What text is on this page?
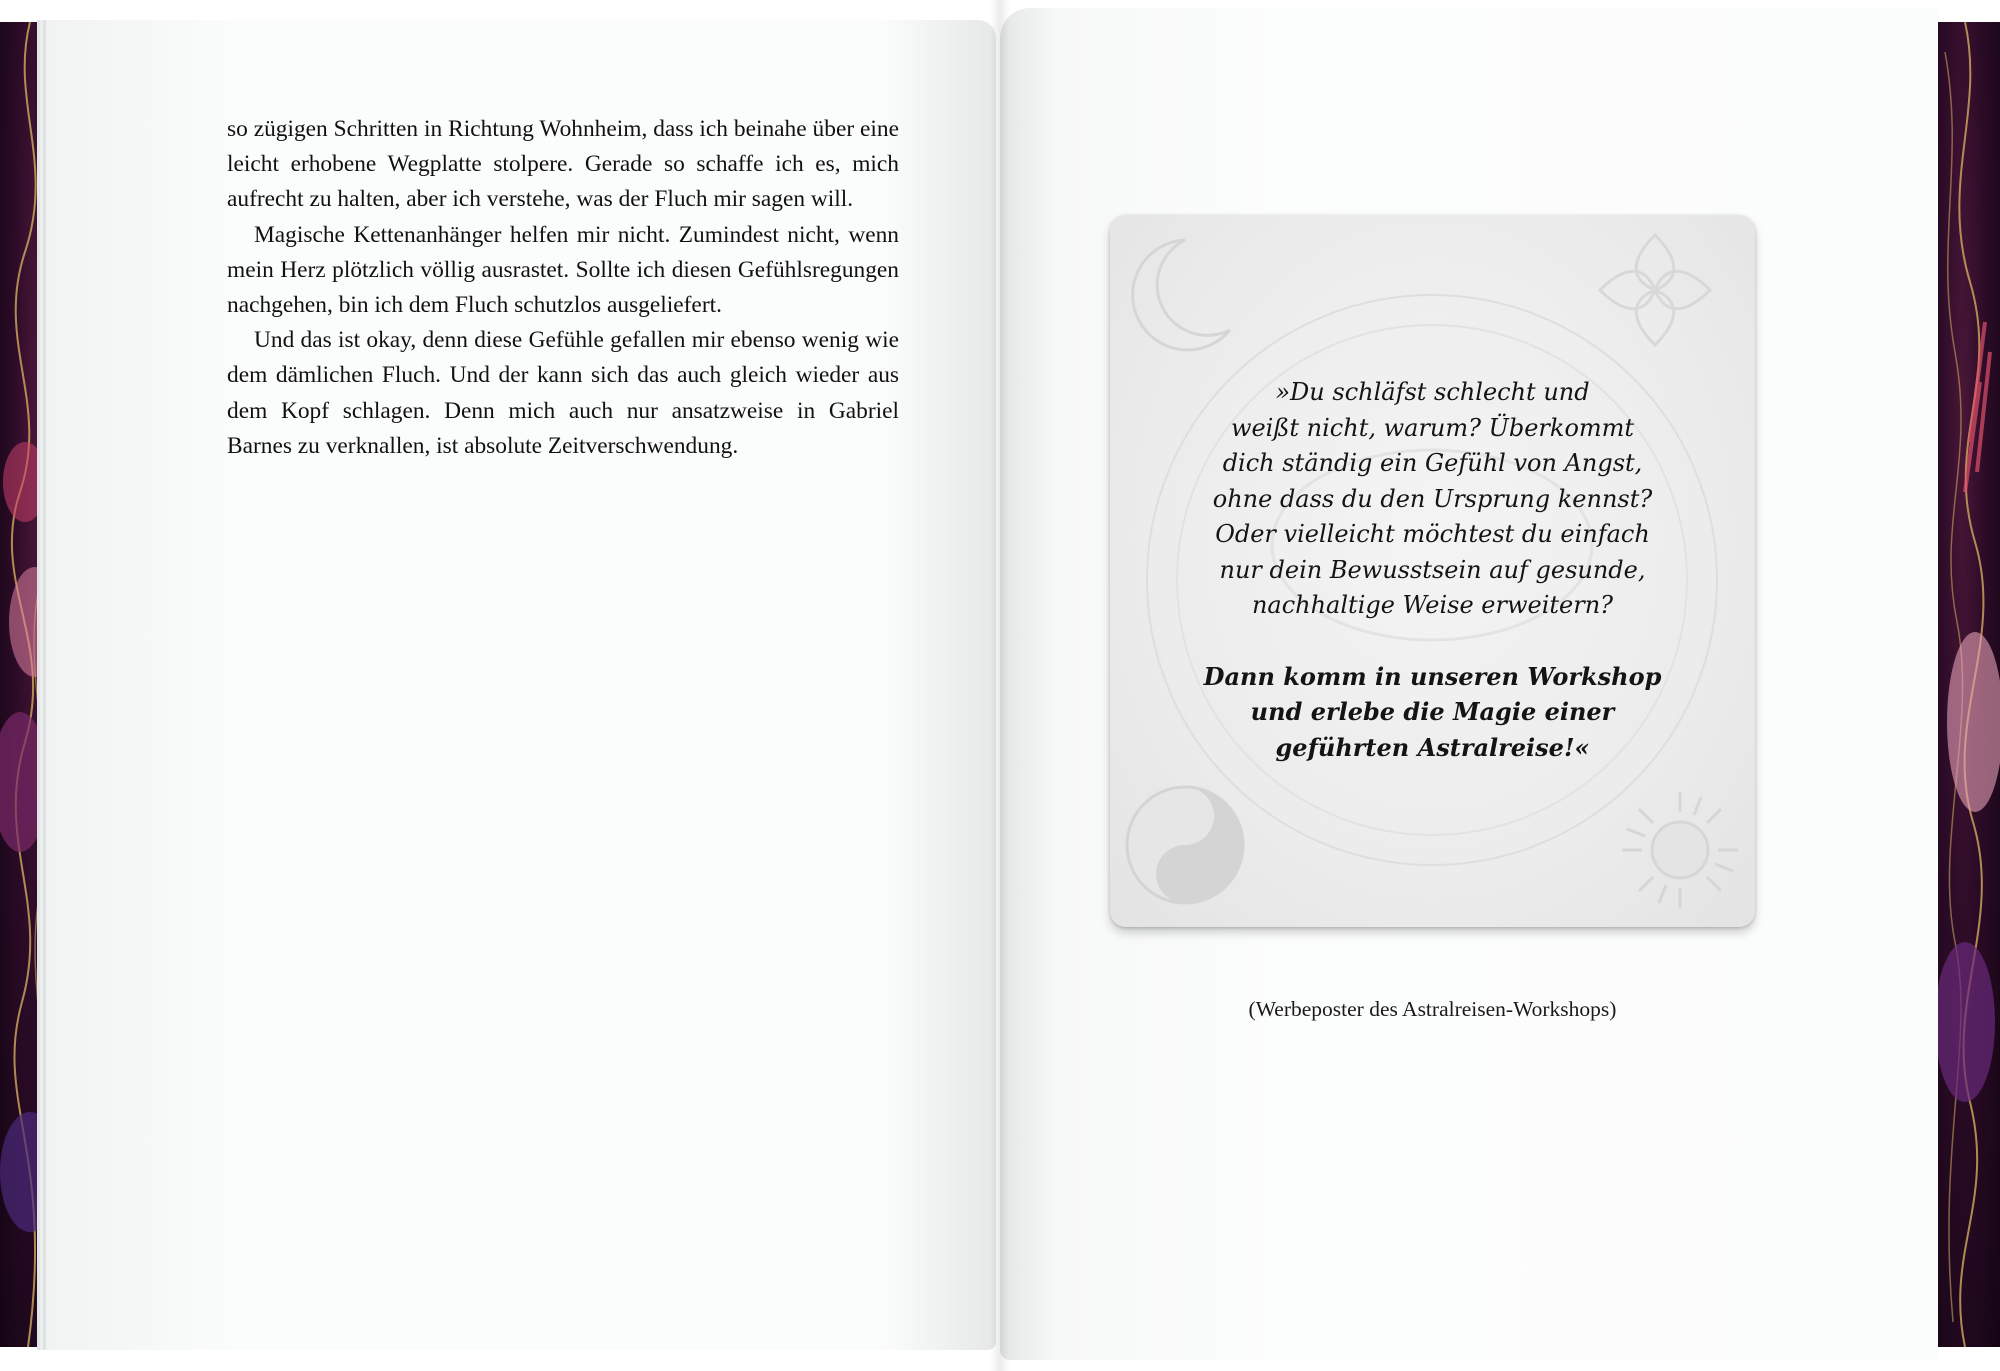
so zügigen Schritten in Richtung Wohnheim, dass ich beinahe über eine leicht erhobene Wegplatte stolpere. Gerade so schaffe ich es, mich aufrecht zu halten, aber ich verstehe, was der Fluch mir sagen will.

Magische Kettenanhänger helfen mir nicht. Zumindest nicht, wenn mein Herz plötzlich völlig ausrastet. Sollte ich diesen Gefühlsregungen nachgehen, bin ich dem Fluch schutzlos ausgeliefert.

Und das ist okay, denn diese Gefühle gefallen mir ebenso wenig wie dem dämlichen Fluch. Und der kann sich das auch gleich wieder aus dem Kopf schlagen. Denn mich auch nur ansatzweise in Gabriel Barnes zu verknallen, ist absolute Zeitverschwendung.

»Du schläfst schlecht und

weißt nicht, warum? Überkommt

dich ständig ein Gefühl von Angst,

ohne dass du den Ursprung kennst?

Oder vielleicht möchtest du einfach

nur dein Bewusstsein auf gesunde,

nachhaltige Weise erweitern?

Dann komm in unseren Workshop

und erlebe die Magie einer

geführten Astralreise!«

(Werbeposter des Astralreisen-Workshops)
